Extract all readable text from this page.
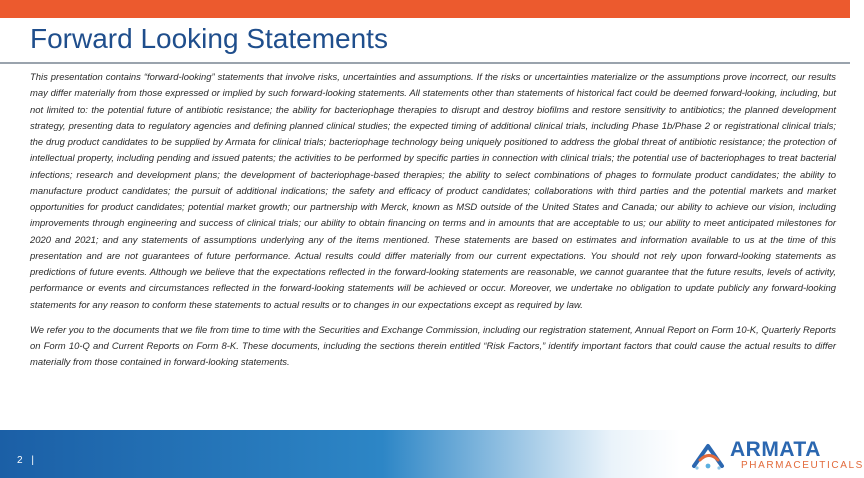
Forward Looking Statements

This presentation contains “forward-looking” statements that involve risks, uncertainties and assumptions. If the risks or uncertainties materialize or the assumptions prove incorrect, our results may differ materially from those expressed or implied by such forward-looking statements. All statements other than statements of historical fact could be deemed forward-looking, including, but not limited to: the potential future of antibiotic resistance; the ability for bacteriophage therapies to disrupt and destroy biofilms and restore sensitivity to antibiotics; the planned development strategy, presenting data to regulatory agencies and defining planned clinical studies; the expected timing of additional clinical trials, including Phase 1b/Phase 2 or registrational clinical trials; the drug product candidates to be supplied by Armata for clinical trials; bacteriophage technology being uniquely positioned to address the global threat of antibiotic resistance; the protection of intellectual property, including pending and issued patents; the activities to be performed by specific parties in connection with clinical trials; the potential use of bacteriophages to treat bacterial infections; research and development plans; the development of bacteriophage-based therapies; the ability to select combinations of phages to formulate product candidates; the ability to manufacture product candidates; the pursuit of additional indications; the safety and efficacy of product candidates; collaborations with third parties and the potential markets and market opportunities for product candidates; potential market growth; our partnership with Merck, known as MSD outside of the United States and Canada; our ability to achieve our vision, including improvements through engineering and success of clinical trials; our ability to obtain financing on terms and in amounts that are acceptable to us; our ability to meet anticipated milestones for 2020 and 2021; and any statements of assumptions underlying any of the items mentioned. These statements are based on estimates and information available to us at the time of this presentation and are not guarantees of future performance. Actual results could differ materially from our current expectations. You should not rely upon forward-looking statements as predictions of future events. Although we believe that the expectations reflected in the forward-looking statements are reasonable, we cannot guarantee that the future results, levels of activity, performance or events and circumstances reflected in the forward-looking statements will be achieved or occur. Moreover, we undertake no obligation to update publicly any forward-looking statements for any reason to conform these statements to actual results or to changes in our expectations except as required by law.

We refer you to the documents that we file from time to time with the Securities and Exchange Commission, including our registration statement, Annual Report on Form 10-K, Quarterly Reports on Form 10-Q and Current Reports on Form 8-K. These documents, including the sections therein entitled “Risk Factors,” identify important factors that could cause the actual results to differ materially from those contained in forward-looking statements.

2 |	ARMATA
PHARMACEUTICALS
